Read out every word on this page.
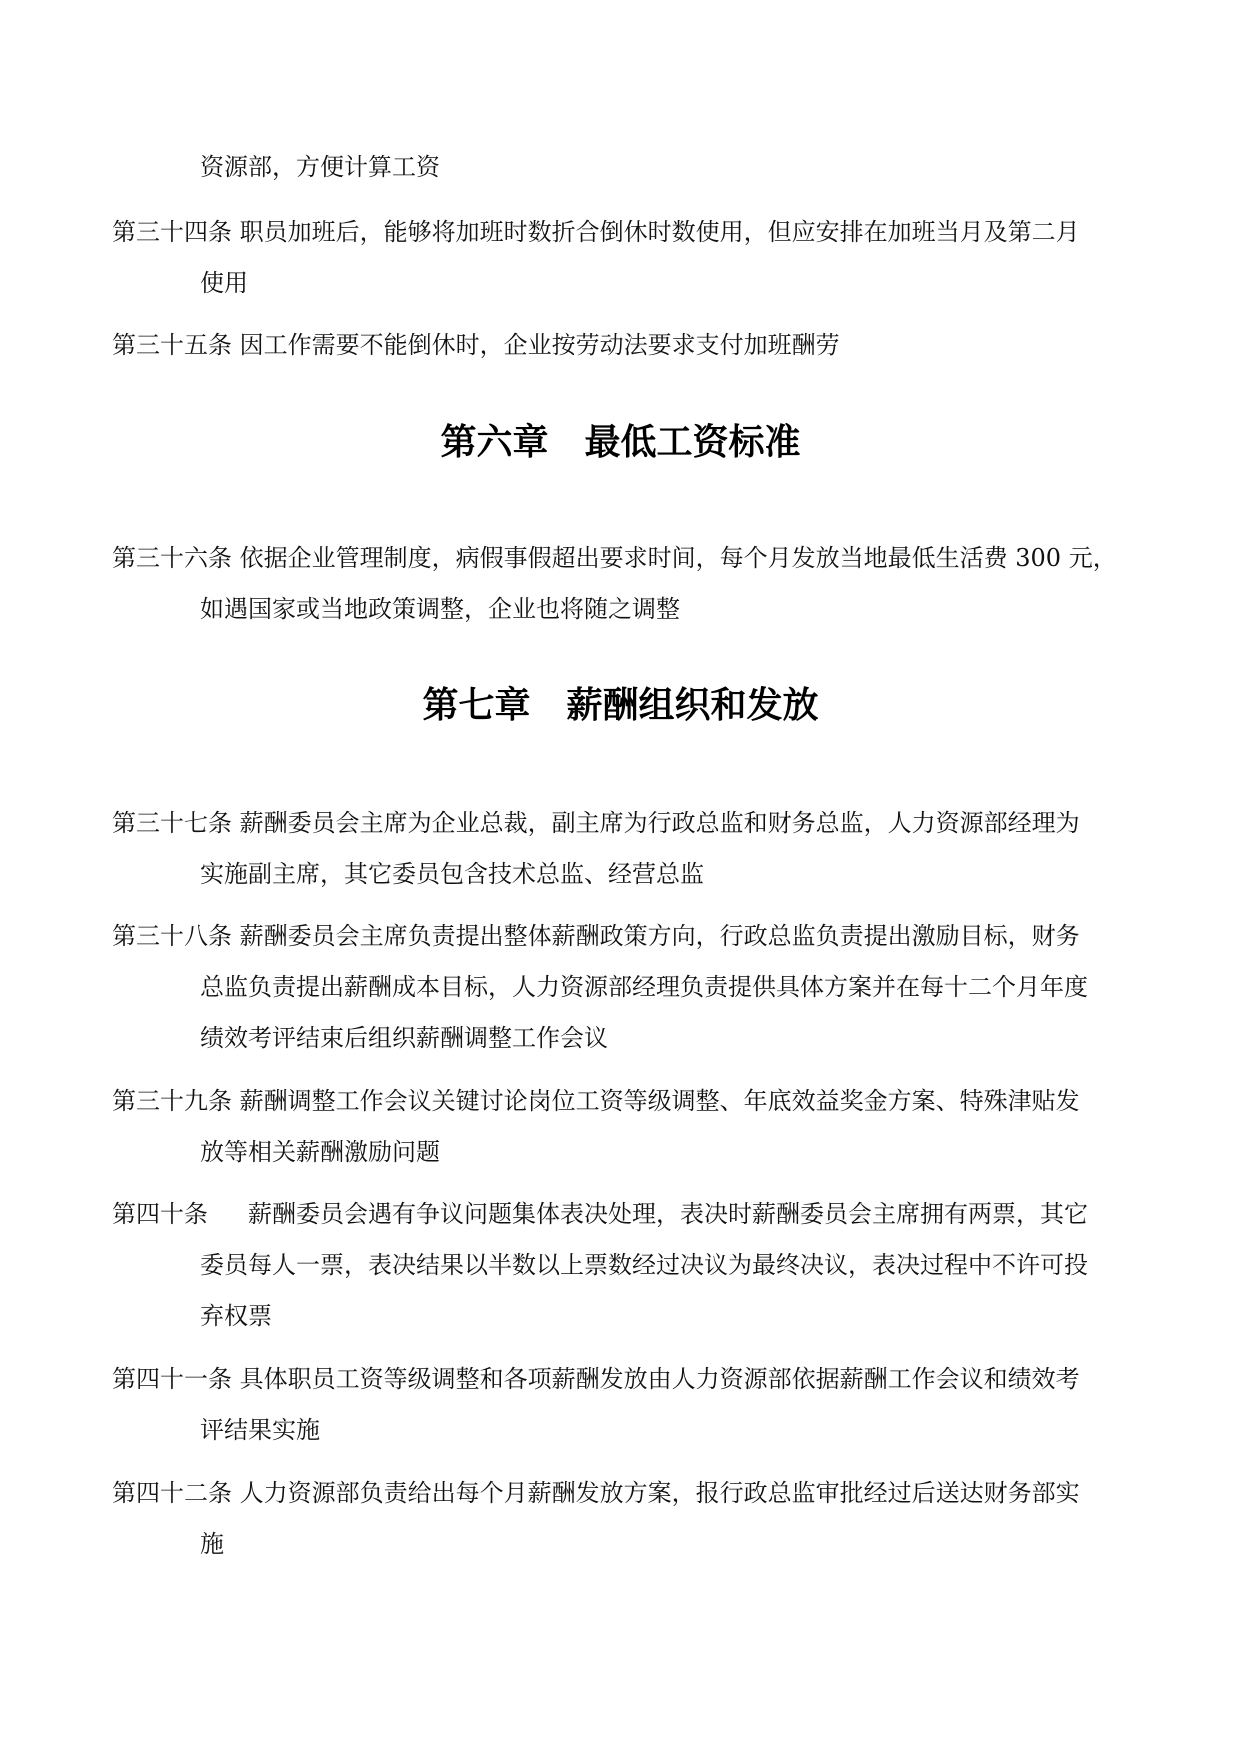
资源部，方便计算工资
第三十四条 职员加班后，能够将加班时数折合倒休时数使用，但应安排在加班当月及第二月
使用
第三十五条 因工作需要不能倒休时，企业按劳动法要求支付加班酬劳
第六章 最低工资标准
第三十六条 依据企业管理制度，病假事假超出要求时间，每个月发放当地最低生活费 300 元，
如遇国家或当地政策调整，企业也将随之调整
第七章 薪酬组织和发放
第三十七条 薪酬委员会主席为企业总裁，副主席为行政总监和财务总监，人力资源部经理为
实施副主席，其它委员包含技术总监、经营总监
第三十八条 薪酬委员会主席负责提出整体薪酬政策方向，行政总监负责提出激励目标，财务
总监负责提出薪酬成本目标，人力资源部经理负责提供具体方案并在每十二个月年度
绩效考评结束后组织薪酬调整工作会议
第三十九条 薪酬调整工作会议关键讨论岗位工资等级调整、年底效益奖金方案、特殊津贴发
放等相关薪酬激励问题
第四十条 薪酬委员会遇有争议问题集体表决处理，表决时薪酬委员会主席拥有两票，其它
委员每人一票，表决结果以半数以上票数经过决议为最终决议，表决过程中不许可投
弃权票
第四十一条 具体职员工资等级调整和各项薪酬发放由人力资源部依据薪酬工作会议和绩效考
评结果实施
第四十二条 人力资源部负责给出每个月薪酬发放方案，报行政总监审批经过后送达财务部实
施
